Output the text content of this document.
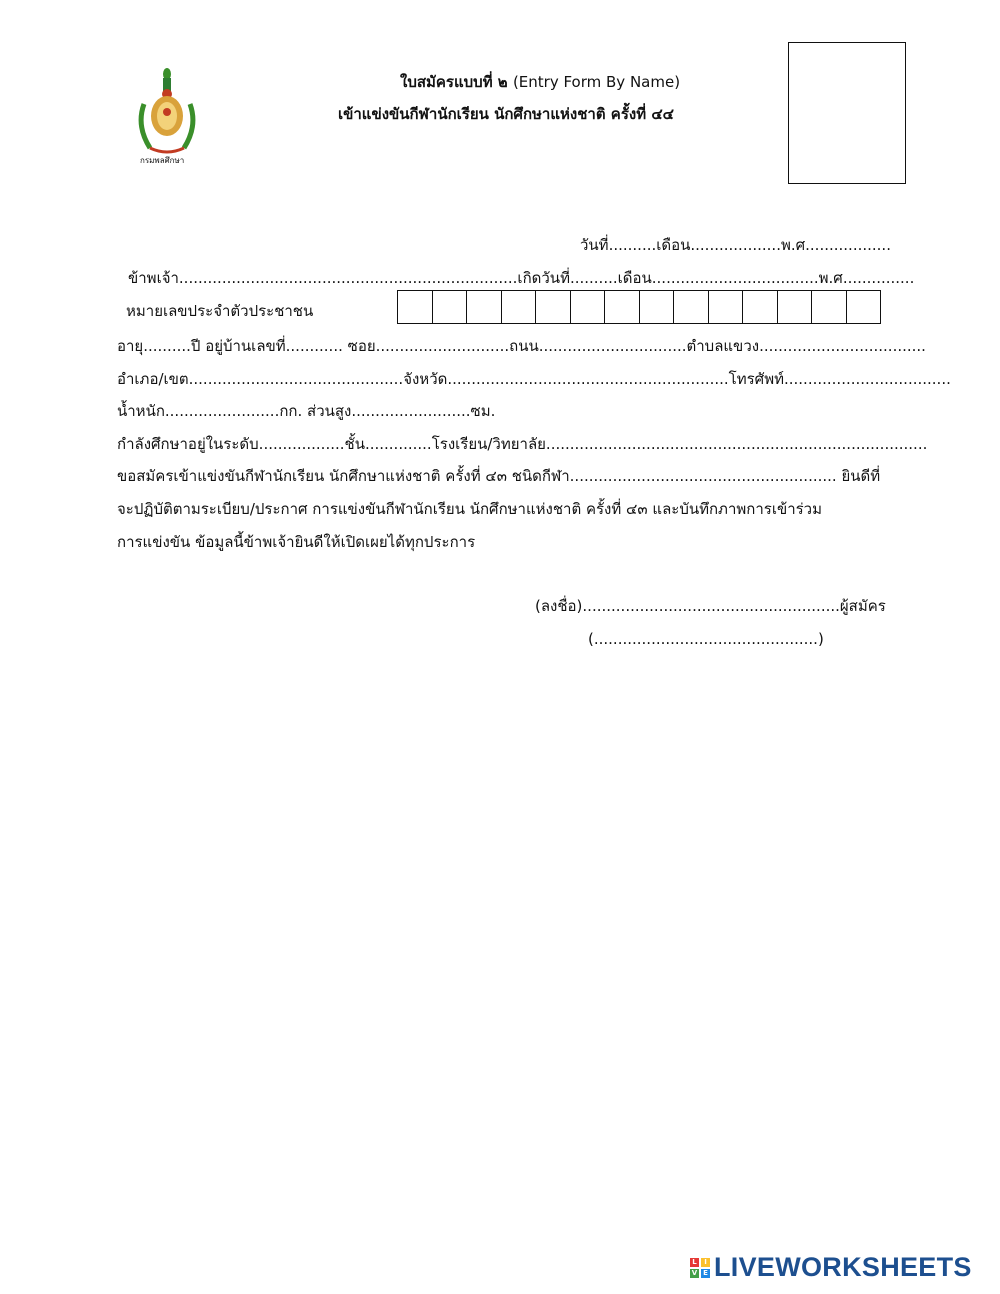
กรมพลศึกษา
ใบสมัครแบบที่ ๒ (Entry Form By Name)
เข้าแข่งขันกีฬานักเรียน นักศึกษาแห่งชาติ ครั้งที่ ๔๔
วันที่..........เดือน...................พ.ศ..................
ข้าพเจ้า.......................................................................เกิดวันที่..........เดือน...................................พ.ศ...............
หมายเลขประจำตัวประชาชน
อายุ..........ปี อยู่บ้านเลขที่............ ซอย............................ถนน...............................ตำบลแขวง...................................
อำเภอ/เขต.............................................จังหวัด...........................................................โทรศัพท์...................................
น้ำหนัก........................กก. ส่วนสูง.........................ซม.
กำลังศึกษาอยู่ในระดับ..................ชั้น..............โรงเรียน/วิทยาลัย................................................................................
ขอสมัครเข้าแข่งขันกีฬานักเรียน นักศึกษาแห่งชาติ ครั้งที่ ๔๓ ชนิดกีฬา........................................................ ยินดีที่
จะปฏิบัติตามระเบียบ/ประกาศ การแข่งขันกีฬานักเรียน นักศึกษาแห่งชาติ ครั้งที่ ๔๓ และบันทึกภาพการเข้าร่วม
การแข่งขัน ข้อมูลนี้ข้าพเจ้ายินดีให้เปิดเผยได้ทุกประการ
(ลงชื่อ)......................................................ผู้สมัคร
(...............................................)
L	I
V E LIVEWORKSHEETS
